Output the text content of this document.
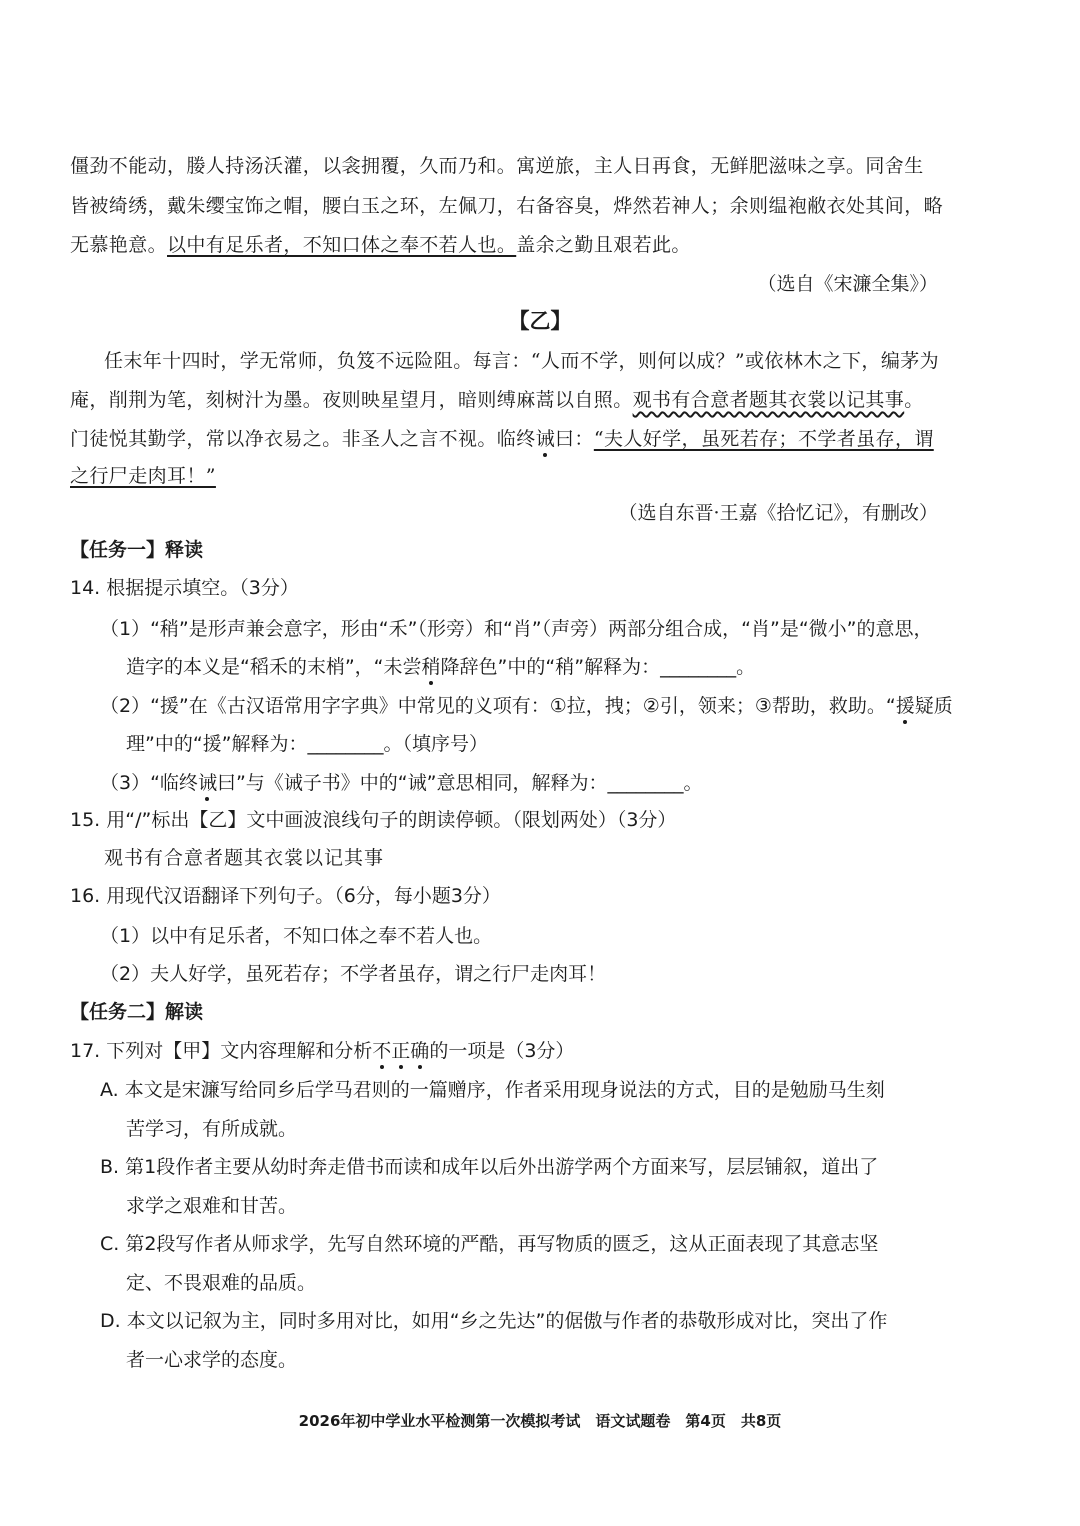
僵劲不能动，媵人持汤沃灌，以衾拥覆，久而乃和。寓逆旅，主人日再食，无鲜肥滋味之享。同舍生
皆被绮绣，戴朱缨宝饰之帽，腰白玉之环，左佩刀，右备容臭，烨然若神人；余则缊袍敝衣处其间，略
无慕艳意。以中有足乐者，不知口体之奉不若人也。盖余之勤且艰若此。
（选自《宋濂全集》）
【乙】
任末年十四时，学无常师，负笈不远险阻。每言：“人而不学，则何以成？”或依林木之下，编茅为
庵，削荆为笔，刻树汁为墨。夜则映星望月，暗则缚麻蒿以自照。观书有合意者题其衣裳以记其事。
门徒悦其勤学，常以净衣易之。非圣人之言不视。临终诫曰：“夫人好学，虽死若存；不学者虽存，谓
之行尸走肉耳！”
（选自东晋·王嘉《拾忆记》，有删改）
【任务一】释读
14. 根据提示填空。（3分）
（1）“稍”是形声兼会意字，形由“禾”（形旁）和“肖”（声旁）两部分组合成，“肖”是“微小”的意思，
造字的本义是“稻禾的末梢”，“未尝稍降辞色”中的“稍”解释为：________。
（2）“援”在《古汉语常用字字典》中常见的义项有：①拉，拽；②引，领来；③帮助，救助。“援疑质
理”中的“援”解释为：________。（填序号）
（3）“临终诫曰”与《诫子书》中的“诫”意思相同，解释为：________。
15. 用“/”标出【乙】文中画波浪线句子的朗读停顿。（限划两处）（3分）
观书有合意者题其衣裳以记其事
16. 用现代汉语翻译下列句子。（6分，每小题3分）
（1）以中有足乐者，不知口体之奉不若人也。
（2）夫人好学，虽死若存；不学者虽存，谓之行尸走肉耳！
【任务二】解读
17. 下列对【甲】文内容理解和分析不正确的一项是（3分）
A. 本文是宋濂写给同乡后学马君则的一篇赠序，作者采用现身说法的方式，目的是勉励马生刻
苦学习，有所成就。
B. 第1段作者主要从幼时奔走借书而读和成年以后外出游学两个方面来写，层层铺叙，道出了
求学之艰难和甘苦。
C. 第2段写作者从师求学，先写自然环境的严酷，再写物质的匮乏，这从正面表现了其意志坚
定、不畏艰难的品质。
D. 本文以记叙为主，同时多用对比，如用“乡之先达”的倨傲与作者的恭敬形成对比，突出了作
者一心求学的态度。
2026年初中学业水平检测第一次模拟考试　语文试题卷　第4页　共8页
